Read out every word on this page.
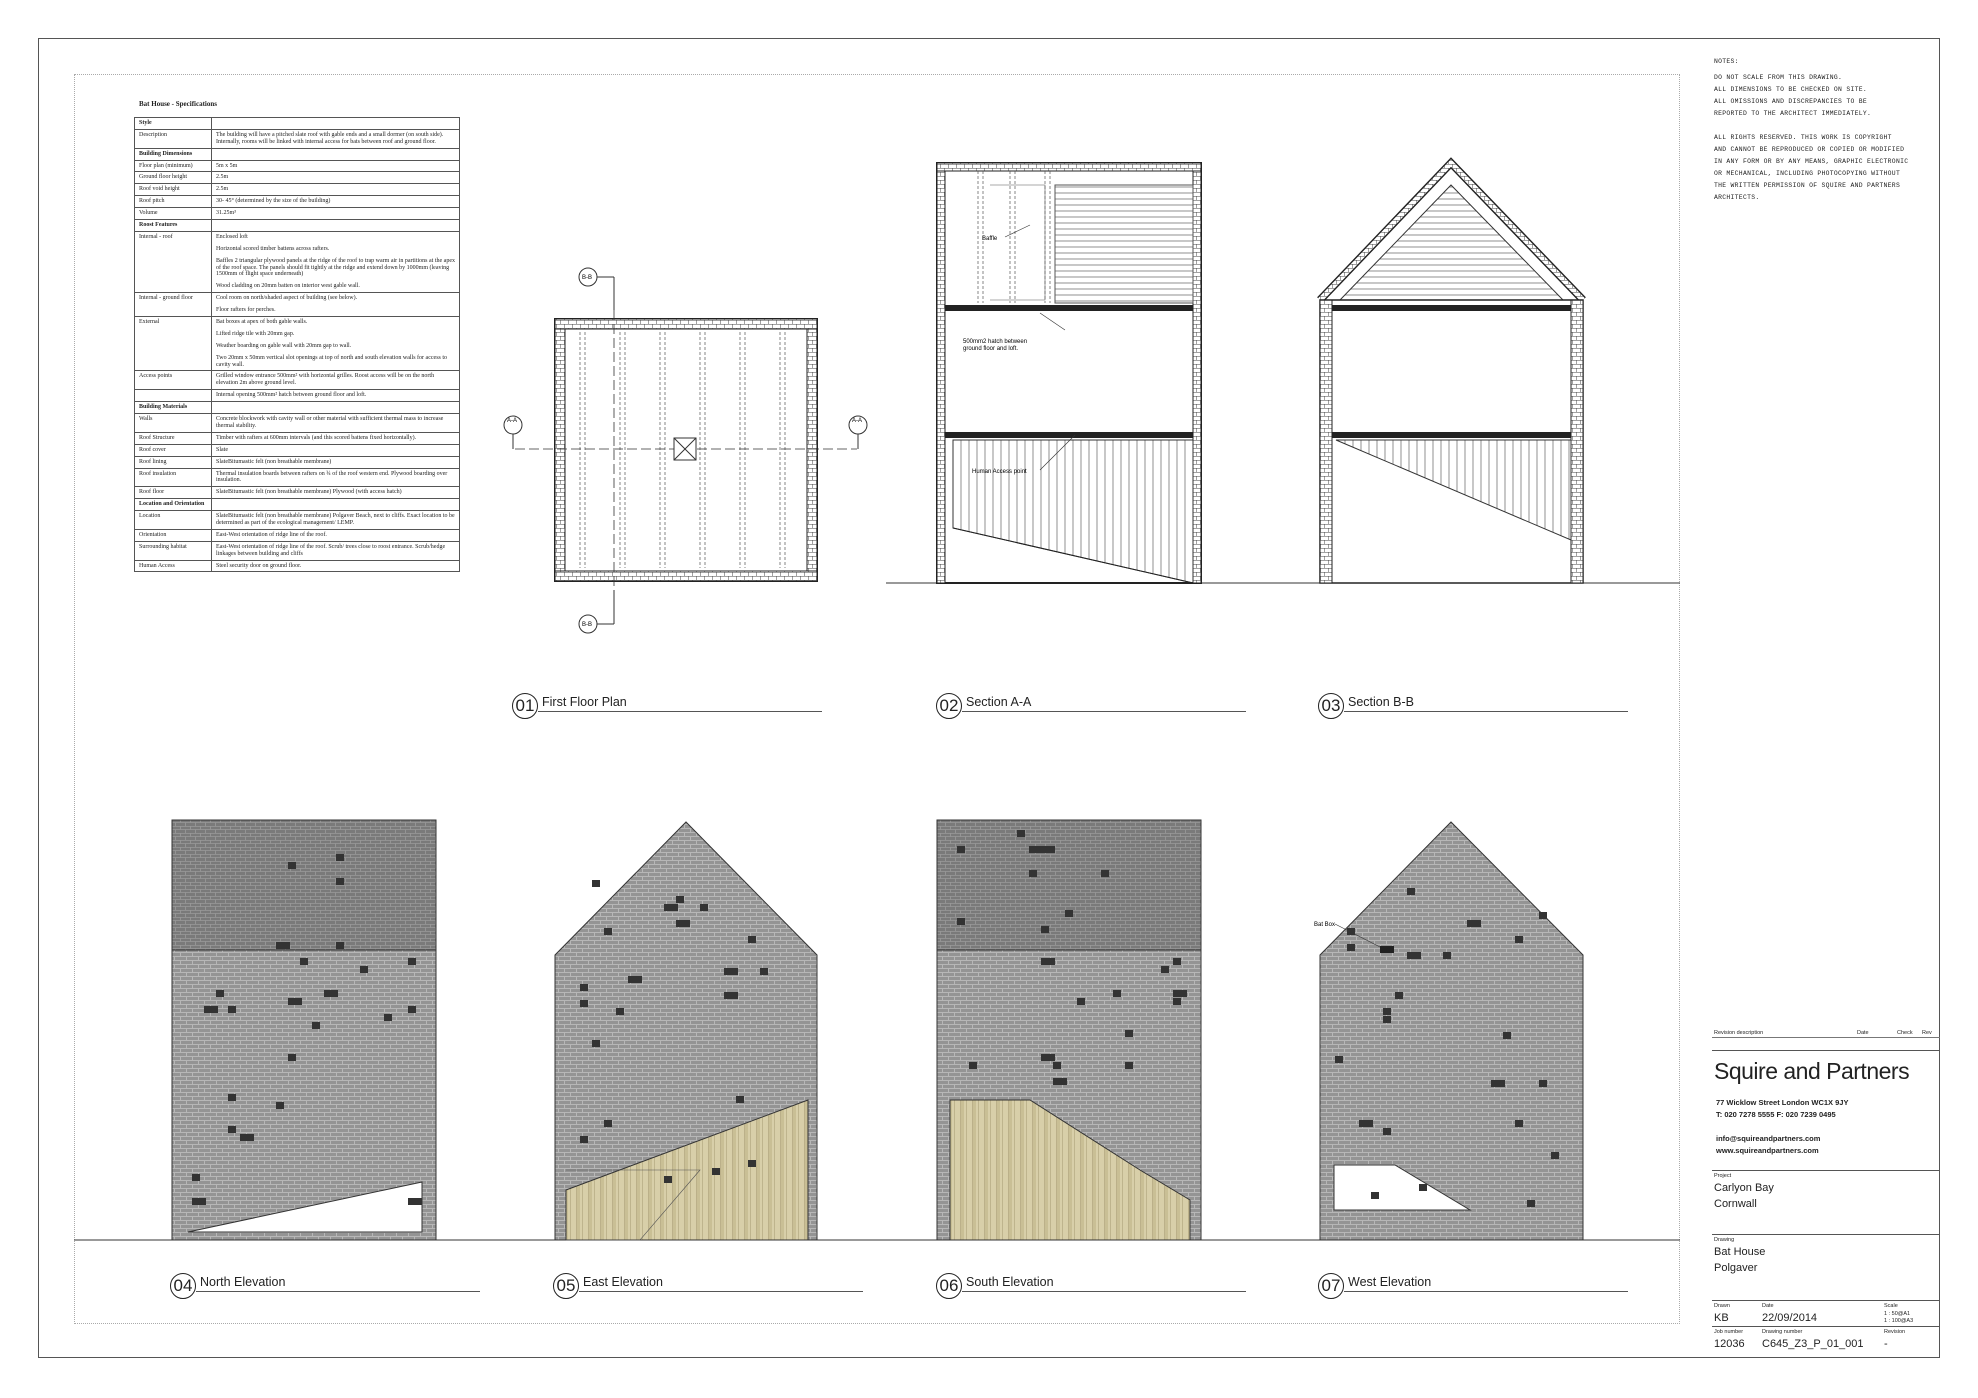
Bat House - Specifications
Style	
Description	The building will have a pitched slate roof with gable ends and a small dormer (on south side). Internally, rooms will be linked with internal access for bats between roof and ground floor.

Building Dimensions	
Floor plan (minimum)	5m x 5m

Ground floor height	2.5m

Roof void height	2.5m

Roof pitch	30- 45° (determined by the size of the building)

Volume	31.25m³

Roost Features	
Internal - roof	Enclosed loft

Horizontal scored timber battens across rafters.

Baffles 2 triangular plywood panels at the ridge of the roof to trap warm air in partitions at the apex of the roof space. The panels should fit tightly at the ridge and extend down by 1000mm (leaving 1500mm of flight space underneath)

Wood cladding on 20mm batten on interior west gable wall.

Internal - ground floor	Cool room on north/shaded aspect of building (see below).

Floor rafters for perches.

External	Bat boxes at apex of both gable walls.

Lifted ridge tile with 20mm gap.

Weather boarding on gable wall with 20mm gap to wall.

Two 20mm x 50mm vertical slot openings at top of north and south elevation walls for access to cavity wall.

Access points	Grilled window entrance 500mm² with horizontal grilles. Roost access will be on the north elevation 2m above ground level.

	Internal opening 500mm² hatch between ground floor and loft.

Building Materials	
Walls	Concrete blockwork with cavity wall or other material with sufficient thermal mass to increase thermal stability.

Roof Structure	Timber with rafters at 600mm intervals (and this scored battens fixed horizontally).

Roof cover	Slate

Roof lining	SlateBitumastic felt (non breathable membrane)

Roof insulation	Thermal insulation boards between rafters on ¾ of the roof western end. Plywood boarding over insulation.

Roof floor	SlateBitumastic felt (non breathable membrane) Plywood (with access hatch)

Location and Orientation	
Location	SlateBitumastic felt (non breathable membrane) Polgaver Beach, next to cliffs. Exact location to be determined as part of the ecological management/ LEMP.

Orientation	East-West orientation of ridge line of the roof.

Surrounding habitat	East-West orientation of ridge line of the roof. Scrub/ trees close to roost entrance. Scrub/hedge linkages between building and cliffs

Human Access	Steel security door on ground floor.

NOTES:
DO NOT SCALE FROM THIS DRAWING.
ALL DIMENSIONS TO BE CHECKED ON SITE.
ALL OMISSIONS AND DISCREPANCIES TO BE
REPORTED TO THE ARCHITECT IMMEDIATELY.
ALL RIGHTS RESERVED. THIS WORK IS COPYRIGHT
AND CANNOT BE REPRODUCED OR COPIED OR MODIFIED
IN ANY FORM OR BY ANY MEANS, GRAPHIC ELECTRONIC
OR MECHANICAL, INCLUDING PHOTOCOPYING WITHOUT
THE WRITTEN PERMISSION OF SQUIRE AND PARTNERS
ARCHITECTS.
Revision description	Date	Check Rev
Squire and Partners
77 Wicklow Street London WC1X 9JY
T: 020 7278 5555 F: 020 7239 0495
info@squireandpartners.com
www.squireandpartners.com
Project
Carlyon Bay
Cornwall
Drawing
Bat House
Polgaver
Drawn
KB
Date
22/09/2014
Scale
1 : 50@A1
1 : 100@A3
Job number
12036
Drawing number
C645_Z3_P_01_001
Revision
-
A-A	A-A
B-B
B-B
Baffle
500mm2 hatch between
ground floor and loft.
Human Access point
Bat Box
01 First Floor Plan	02 Section A-A	03 Section B-B
04 North Elevation	05 East Elevation	06 South Elevation	07 West Elevation
